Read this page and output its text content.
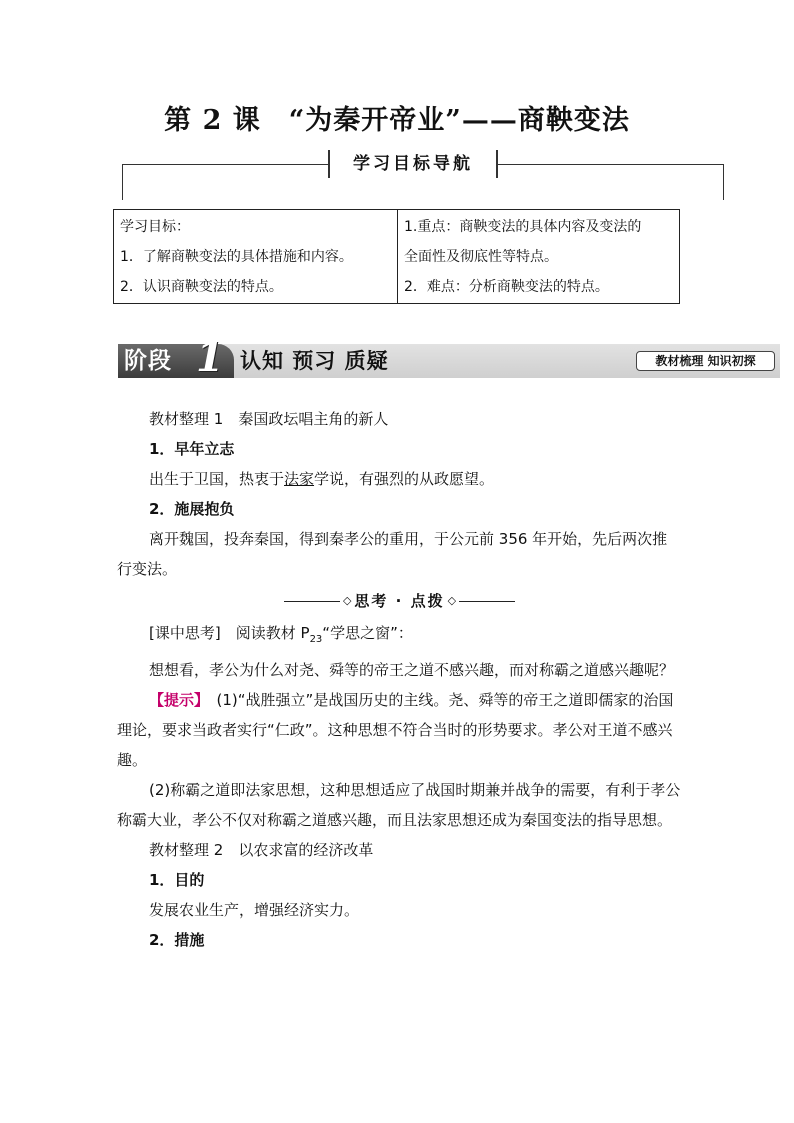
第 2 课　“为秦开帝业”——商鞅变法
学习目标导航
学习目标：
1．了解商鞅变法的具体措施和内容。
2．认识商鞅变法的特点。
1.重点：商鞅变法的具体内容及变法的
全面性及彻底性等特点。
2．难点：分析商鞅变法的特点。
阶段 1 认知 预习 质疑	教材梳理 知识初探

教材整理 1　 秦国政坛唱主角的新人

1．早年立志

出生于卫国，热衷于法家学说，有强烈的从政愿望。

2．施展抱负

离开魏国，投奔秦国，得到秦孝公的重用，于公元前 356 年开始，先后两次推行变法。

◇ 思考 · 点拨 ◇

[课中思考]　 阅读教材 $P_{23}“$学思之窗”：

想想看，孝公为什么对尧、舜等的帝王之道不感兴趣，而对称霸之道感兴趣呢？

【提示】　 (1)“战胜强立”是战国历史的主线。尧、舜等的帝王之道即儒家的治国理论，要求当政者实行“仁政”。这种思想不符合当时的形势要求。孝公对王道不感兴趣。

(2)称霸之道即法家思想，这种思想适应了战国时期兼并战争的需要，有利于孝公称霸大业，孝公不仅对称霸之道感兴趣，而且法家思想还成为秦国变法的指导思想。

教材整理 2　 以农求富的经济改革

1．目的

发展农业生产，增强经济实力。

2．措施
